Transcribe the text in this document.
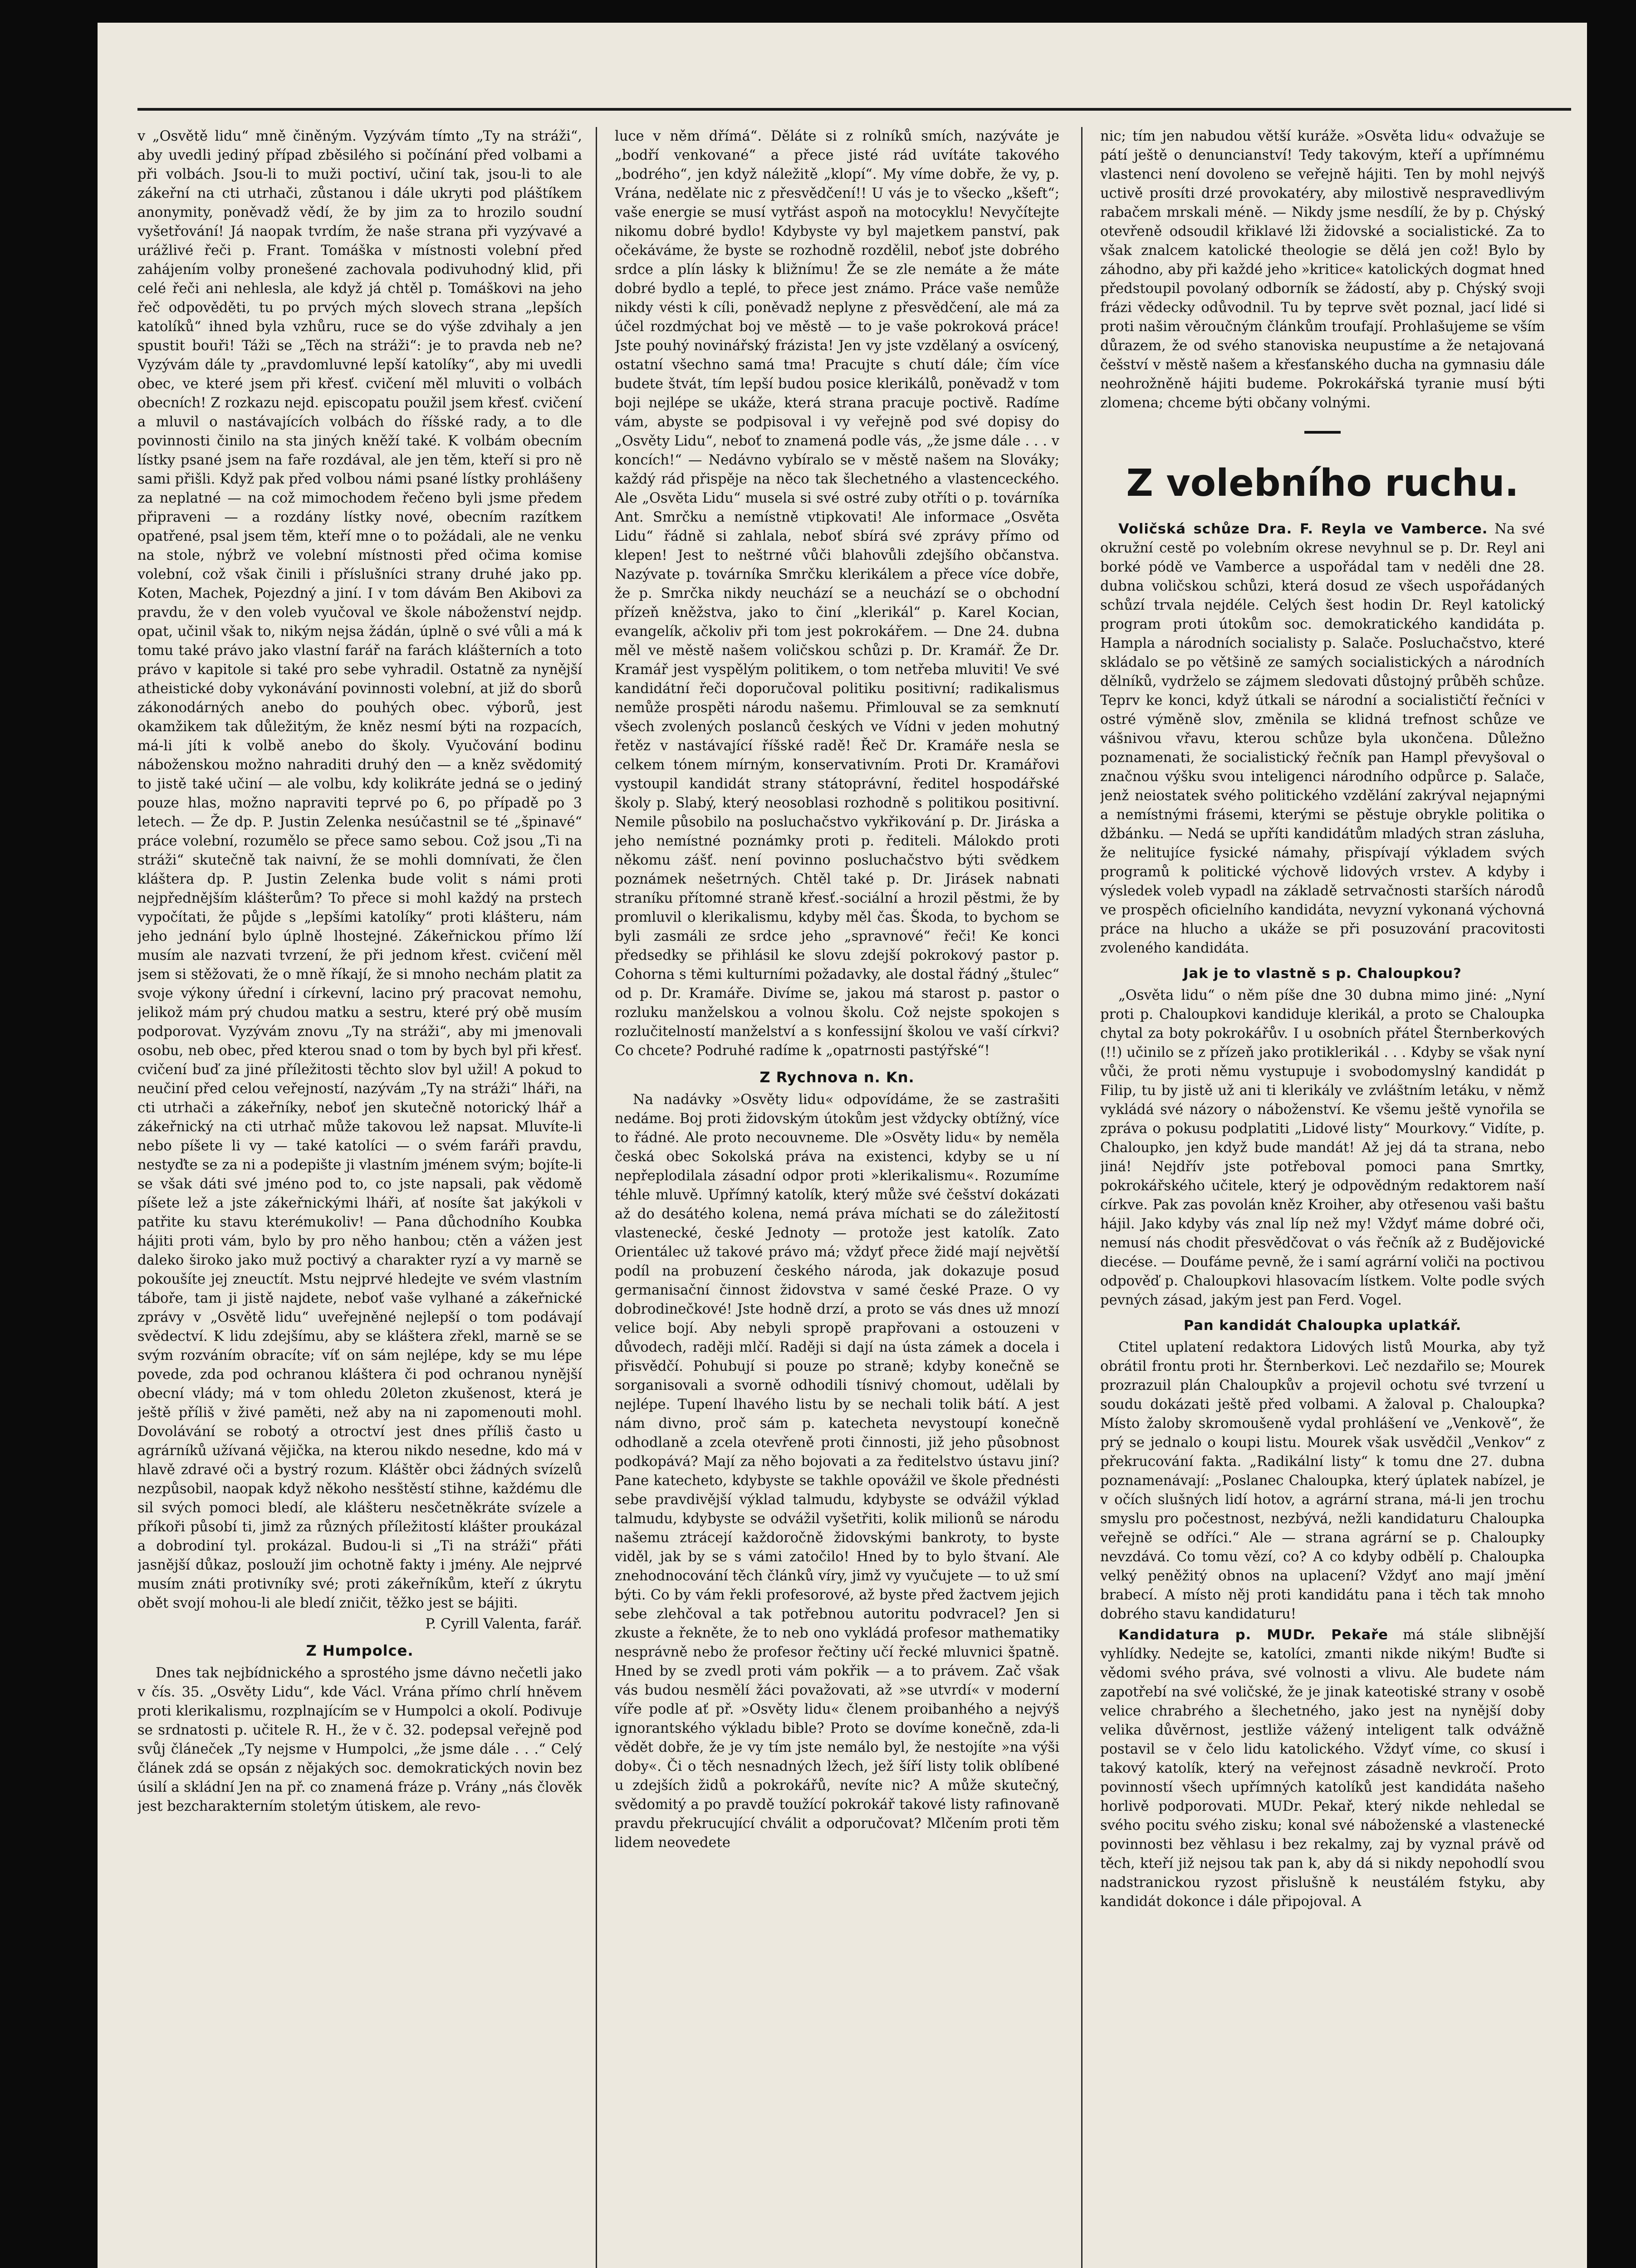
v „Osvětě lidu“ mně činěným. Vyzývám tímto „Ty na stráži“, aby uvedli jediný případ zběsilého si počínání před volbami a při volbách. Jsou-li to muži poctiví, učiní tak, jsou-li to ale zákeřní na cti utrhači, zůstanou i dále ukryti pod pláštíkem anonymity, poněvadž vědí, že by jim za to hrozilo soudní vyšetřování! Já naopak tvrdím, že naše strana při vyzývavé a urážlivé řeči p. Frant. Tomáška v místnosti volební před zahájením volby pronešené zachovala podivuhodný klid, při celé řeči ani nehlesla, ale když já chtěl p. Tomáškovi na jeho řeč odpověděti, tu po prvých mých slovech strana „lepších katolíků“ ihned byla vzhůru, ruce se do výše zdvihaly a jen spustit bouři! Táži se „Těch na stráži“: je to pravda neb ne? Vyzývám dále ty „pravdomluvné lepší katolíky“, aby mi uvedli obec, ve které jsem při křesť. cvičení měl mluviti o volbách obecních! Z rozkazu nejd. episcopatu použil jsem křesť. cvičení a mluvil o nastávajících volbách do říšské rady, a to dle povinnosti činilo na sta jiných kněží také. K volbám obecním lístky psané jsem na faře rozdával, ale jen těm, kteří si pro ně sami přišli. Když pak před volbou námi psané lístky prohlášeny za neplatné — na což mimochodem řečeno byli jsme předem připraveni — a rozdány lístky nové, obecním razítkem opatřené, psal jsem těm, kteří mne o to požádali, ale ne venku na stole, nýbrž ve volební místnosti před očima komise volební, což však činili i příslušníci strany druhé jako pp. Koten, Machek, Pojezdný a jiní. I v tom dávám Ben Akibovi za pravdu, že v den voleb vyučoval ve škole náboženství nejdp. opat, učinil však to, nikým nejsa žádán, úplně o své vůli a má k tomu také právo jako vlastní farář na farách klášterních a toto právo v kapitole si také pro sebe vyhradil. Ostatně za nynější atheistické doby vykonávání povinnosti volební, at již do sborů zákonodárných anebo do pouhých obec. výborů, jest okamžikem tak důležitým, že kněz nesmí býti na rozpacích, má-li jíti k volbě anebo do školy. Vyučování bodinu náboženskou možno nahraditi druhý den — a kněz svědomitý to jistě také učiní — ale volbu, kdy kolikráte jedná se o jediný pouze hlas, možno napraviti teprvé po 6, po případě po 3 letech. — Že dp. P. Justin Zelenka nesúčastnil se té „špinavé“ práce volební, rozumělo se přece samo sebou. Což jsou „Ti na stráži“ skutečně tak naivní, že se mohli domnívati, že člen kláštera dp. P. Justin Zelenka bude volit s námi proti nejpřednějším klášterům? To přece si mohl každý na prstech vypočítati, že půjde s „lepšími katolíky“ proti klášteru, nám jeho jednání bylo úplně lhostejné. Zákeřnickou přímo lží musím ale nazvati tvrzení, že při jednom křest. cvičení měl jsem si stěžovati, že o mně říkají, že si mnoho nechám platit za svoje výkony úřední i církevní, lacino prý pracovat nemohu, jelikož mám prý chudou matku a sestru, které prý obě musím podporovat. Vyzývám znovu „Ty na stráži“, aby mi jmenovali osobu, neb obec, před kterou snad o tom by bych byl při křesť. cvičení buď za jiné příležitosti těchto slov byl užil! A pokud to neučiní před celou veřejností, nazývám „Ty na stráži“ lháři, na cti utrhači a zákeřníky, neboť jen skutečně notorický lhář a zákeřnický na cti utrhač může takovou lež napsat. Mluvíte-li nebo píšete li vy — také katolíci — o svém faráři pravdu, nestyďte se za ni a podepište ji vlastním jménem svým; bojíte-li se však dáti své jméno pod to, co jste napsali, pak vědomě píšete lež a jste zákeřnickými lháři, ať nosíte šat jakýkoli v patřite ku stavu kterémukoliv! — Pana důchodního Koubka hájiti proti vám, bylo by pro něho hanbou; ctěn a vážen jest daleko široko jako muž poctivý a charakter ryzí a vy marně se pokoušíte jej zneuctít. Mstu nejprvé hledejte ve svém vlastním táboře, tam ji jistě najdete, neboť vaše vylhané a zákeřnické zprávy v „Osvětě lidu“ uveřejněné nejlepší o tom podávají svědectví. K lidu zdejšímu, aby se kláštera zřekl, marně se se svým rozváním obracíte; víť on sám nejlépe, kdy se mu lépe povede, zda pod ochranou kláštera či pod ochranou nynější obecní vlády; má v tom ohledu 20leton zkušenost, která je ještě příliš v živé paměti, než aby na ni zapomenouti mohl. Dovolávání se robotý a otroctví jest dnes příliš často u agrárníků užívaná vějička, na kterou nikdo nesedne, kdo má v hlavě zdravé oči a bystrý rozum. Kláštěr obci žádných svízelů nezpůsobil, naopak když někoho nesštěstí stihne, každému dle sil svých pomoci bledí, ale klášteru nesčetněkráte svízele a příkoři působí ti, jimž za různých příležitostí klášter proukázal a dobrodiní tyl. prokázal. Budou-li si „Ti na stráži“ přáti jasnější důkaz, poslouží jim ochotně fakty i jmény. Ale nejprvé musím znáti protivníky své; proti zákeřníkům, kteří z úkrytu obět svojí mohou-li ale bledí zničit, těžko jest se bájiti.

P. Cyrill Valenta, farář.

Z Humpolce.

Dnes tak nejbídnického a sprostého jsme dávno nečetli jako v čís. 35. „Osvěty Lidu“, kde Václ. Vrána přímo chrlí hněvem proti klerikalismu, rozplnajícím se v Humpolci a okolí. Podivuje se srdnatosti p. učitele R. H., že v č. 32. podepsal veřejně pod svůj článeček „Ty nejsme v Humpolci, „že jsme dále . . .“ Celý článek zdá se opsán z nějakých soc. demokratických novin bez úsilí a skládní Jen na př. co znamená fráze p. Vrány „nás člověk jest bezcharakterním stoletým útiskem, ale revo-

luce v něm dřímá“. Děláte si z rolníků smích, nazýváte je „bodří venkované“ a přece jisté rád uvítáte takového „bodrého“, jen když náležitě „klopí“. My víme dobře, že vy, p. Vrána, nedělate nic z přesvědčení!! U vás je to všecko „kšeft“; vaše energie se musí vytřást aspoň na motocyklu! Nevyčítejte nikomu dobré bydlo! Kdybyste vy byl majetkem panství, pak očekáváme, že byste se rozhodně rozdělil, neboť jste dobrého srdce a plín lásky k bližnímu! Že se zle nemáte a že máte dobré bydlo a teplé, to přece jest známo. Práce vaše nemůže nikdy vésti k cíli, poněvadž neplyne z přesvědčení, ale má za účel rozdmýchat boj ve městě — to je vaše pokroková práce! Jste pouhý novinářský frázista! Jen vy jste vzdělaný a osvícený, ostatní všechno samá tma! Pracujte s chutí dále; čím více budete štvát, tím lepší budou posice klerikálů, poněvadž v tom boji nejlépe se ukáže, která strana pracuje poctivě. Radíme vám, abyste se podpisoval i vy veřejně pod své dopisy do „Osvěty Lidu“, neboť to znamená podle vás, „že jsme dále . . . v koncích!“ — Nedávno vybíralo se v městě našem na Slováky; každý rád přispěje na něco tak šlechetného a vlastenceckého. Ale „Osvěta Lidu“ musela si své ostré zuby otříti o p. továrníka Ant. Smrčku a nemístně vtipkovati! Ale informace „Osvěta Lidu“ řádně si zahlala, neboť sbírá své zprávy přímo od klepen! Jest to neštrné vůči blahovůli zdejšího občanstva. Nazývate p. továrníka Smrčku klerikálem a přece více dobře, že p. Smrčka nikdy neuchází se a neuchází se o obchodní přízeň kněžstva, jako to činí „klerikál“ p. Karel Kocian, evangelík, ačkoliv při tom jest pokrokářem. — Dne 24. dubna měl ve městě našem voličskou schůzi p. Dr. Kramář. Že Dr. Kramář jest vyspělým politikem, o tom netřeba mluviti! Ve své kandidátní řeči doporučoval politiku positivní; radikalismus nemůže prospěti národu našemu. Přimlouval se za semknutí všech zvolených poslanců českých ve Vídni v jeden mohutný řetěz v nastávající říšské radě! Řeč Dr. Kramáře nesla se celkem tónem mírným, konservativním. Proti Dr. Kramářovi vystoupil kandidát strany státoprávní, ředitel hospodářské školy p. Slabý, který neosoblasi rozhodně s politikou positivní. Nemile působilo na posluchačstvo vykřikování p. Dr. Jiráska a jeho nemístné poznámky proti p. řediteli. Málokdo proti někomu zášť. není povinno posluchačstvo býti svědkem poznámek nešetrných. Chtěl také p. Dr. Jirásek nabnati straníku přítomné straně křesť.-sociální a hrozil pěstmi, že by promluvil o klerikalismu, kdyby měl čas. Škoda, to bychom se byli zasmáli ze srdce jeho „spravnové“ řeči! Ke konci předsedky se přihlásil ke slovu zdejší pokrokový pastor p. Cohorna s těmi kulturními požadavky, ale dostal řádný „štulec“ od p. Dr. Kramáře. Divíme se, jakou má starost p. pastor o rozluku manželskou a volnou školu. Což nejste spokojen s rozlučitelností manželství a s konfessijní školou ve vaší církvi? Co chcete? Podruhé radíme k „opatrnosti pastýřské“!

Z Rychnova n. Kn.

Na nadávky »Osvěty lidu« odpovídáme, že se zastrašiti nedáme. Boj proti židovským útokům jest vždycky obtížný, více to řádné. Ale proto necouvneme. Dle »Osvěty lidu« by neměla česká obec Sokolská práva na existenci, kdyby se u ní nepřeplodilala zásadní odpor proti »klerikalismu«. Rozumíme téhle mluvě. Upřímný katolík, který může své češství dokázati až do desátého kolena, nemá práva míchati se do záležitostí vlastenecké, české Jednoty — protože jest katolík. Zato Orientálec už takové právo má; vždyť přece židé mají největší podíl na probuzení českého národa, jak dokazuje posud germanisační činnost židovstva v samé české Praze. O vy dobrodinečkové! Jste hodně drzí, a proto se vás dnes už mnozí velice bojí. Aby nebyli spropě prapřovani a ostouzeni v důvodech, raději mlčí. Raději si dají na ústa zámek a docela i přisvědčí. Pohubují si pouze po straně; kdyby konečně se sorganisovali a svorně odhodili tísnivý chomout, udělali by nejlépe. Tupení lhavého listu by se nechali tolik bátí. A jest nám divno, proč sám p. katecheta nevystoupí konečně odhodlaně a zcela otevřeně proti činnosti, již jeho působnost podkopává? Mají za něho bojovati a za ředitelstvo ústavu jiní? Pane katecheto, kdybyste se takhle opovážil ve škole přednésti sebe pravdivější výklad talmudu, kdybyste se odvážil výklad talmudu, kdybyste se odvážil vyšetřiti, kolik milionů se národu našemu ztrácejí každoročně židovskými bankroty, to byste viděl, jak by se s vámi zatočilo! Hned by to bylo štvaní. Ale znehodnocování těch článků víry, jimž vy vyučujete — to už smí býti. Co by vám řekli profesorové, až byste před žactvem jejich sebe zlehčoval a tak potřebnou autoritu podvracel? Jen si zkuste a řekněte, že to neb ono vykládá profesor mathematiky nesprávně nebo že profesor řečtiny učí řecké mluvnici špatně. Hned by se zvedl proti vám pokřik — a to právem. Zač však vás budou nesmělí žáci považovati, až »se utvrdí« v moderní víře podle ať př. »Osvěty lidu« členem proibanhého a nejvýš ignorantského výkladu bible? Proto se dovíme konečně, zda-li vědět dobře, že je vy tím jste nemálo byl, že nestojíte »na výši doby«. Či o těch nesnadných lžech, jež šíří listy tolik oblíbené u zdejších židů a pokrokářů, nevíte nic? A může skutečný, svědomitý a po pravdě toužící pokrokář takové listy rafinovaně pravdu překrucující chválit a odporučovat? Mlčením proti těm lidem neovedete

nic; tím jen nabudou větší kuráže. »Osvěta lidu« odvažuje se pátí ještě o denuncianství! Tedy takovým, kteří a upřímnému vlastenci není dovoleno se veřejně hájiti. Ten by mohl nejvýš uctivě prosíti drzé provokatéry, aby milostivě nespravedlivým rabačem mrskali méně. — Nikdy jsme nesdílí, že by p. Chýský otevřeně odsoudil křiklavé lži židovské a socialistické. Za to však znalcem katolické theologie se dělá jen což! Bylo by záhodno, aby při každé jeho »kritice« katolických dogmat hned předstoupil povolaný odborník se žádostí, aby p. Chýský svoji frázi vědecky odůvodnil. Tu by teprve svět poznal, jací lidé si proti našim věroučným článkům troufají. Prohlašujeme se vším důrazem, že od svého stanoviska neupustíme a že netajovaná češství v městě našem a křesťanského ducha na gymnasiu dále neohrožněně hájiti budeme. Pokrokářská tyranie musí býti zlomena; chceme býti občany volnými.

Z volebního ruchu.

Voličská schůze Dra. F. Reyla ve Vamberce. Na své okružní cestě po volebním okrese nevyhnul se p. Dr. Reyl ani borké pódě ve Vamberce a uspořádal tam v neděli dne 28. dubna voličskou schůzi, která dosud ze všech uspořádaných schůzí trvala nejdéle. Celých šest hodin Dr. Reyl katolický program proti útokům soc. demokratického kandidáta p. Hampla a národních socialisty p. Salače. Posluchačstvo, které skládalo se po většině ze samých socialistických a národních dělníků, vydrželo se zájmem sledovati důstojný průběh schůze. Teprv ke konci, když útkali se národní a socialističtí řečníci v ostré výměně slov, změnila se klidná trefnost schůze ve vášnivou vřavu, kterou schůze byla ukončena. Důležno poznamenati, že socialistický řečník pan Hampl převyšoval o značnou výšku svou inteligenci národního odpůrce p. Salače, jenž neiostatek svého politického vzdělání zakrýval nejapnými a nemístnými frásemi, kterými se pěstuje obrykle politika o džbánku. — Nedá se upříti kandidátům mladých stran zásluha, že nelitujíce fysické námahy, přispívají výkladem svých programů k politické výchově lidových vrstev. A kdyby i výsledek voleb vypadl na základě setrvačnosti starších národů ve prospěch oficielního kandidáta, nevyzní vykonaná výchovná práce na hlucho a ukáže se při posuzování pracovitosti zvoleného kandidáta.

Jak je to vlastně s p. Chaloupkou?

„Osvěta lidu“ o něm píše dne 30 dubna mimo jiné: „Nyní proti p. Chaloupkovi kandiduje klerikál, a proto se Chaloupka chytal za boty pokrokářův. I u osobních přátel Šternberkových (!!) učinilo se z přízeň jako protiklerikál . . . Kdyby se však nyní vůči, že proti němu vystupuje i svobodomyslný kandidát p Filip, tu by jistě už ani ti klerikály ve zvláštním letáku, v němž vykládá své názory o náboženství. Ke všemu ještě vynořila se zpráva o pokusu podplatiti „Lidové listy“ Mourkovy.“ Vidíte, p. Chaloupko, jen když bude mandát! Až jej dá ta strana, nebo jiná! Nejdřív jste potřeboval pomoci pana Smrtky, pokrokářského učitele, který je odpovědným redaktorem naší církve. Pak zas povolán kněz Kroiher, aby otřesenou vaši baštu hájil. Jako kdyby vás znal líp než my! Vždyť máme dobré oči, nemusí nás chodit přesvědčovat o vás řečník až z Budějovické diecése. — Doufáme pevně, že i samí agrární voliči na poctivou odpověď p. Chaloupkovi hlasovacím lístkem. Volte podle svých pevných zásad, jakým jest pan Ferd. Vogel.

Pan kandidát Chaloupka uplatkář.

Ctitel uplatení redaktora Lidových listů Mourka, aby tyž obrátil frontu proti hr. Šternberkovi. Leč nezdařilo se; Mourek prozrazuil plán Chaloupkův a projevil ochotu své tvrzení u soudu dokázati ještě před volbami. A žaloval p. Chaloupka? Místo žaloby skromoušeně vydal prohlášení ve „Venkově“, že prý se jednalo o koupi listu. Mourek však usvědčil „Venkov“ z překrucování fakta. „Radikální listy“ k tomu dne 27. dubna poznamenávají: „Poslanec Chaloupka, který úplatek nabízel, je v očích slušných lidí hotov, a agrární strana, má-li jen trochu smyslu pro počestnost, nezbývá, nežli kandidaturu Chaloupka veřejně se odříci.“ Ale — strana agrární se p. Chaloupky nevzdává. Co tomu vězí, co? A co kdyby odbělí p. Chaloupka velký peněžitý obnos na uplacení? Vždyť ano mají jmění brabecí. A místo něj proti kandidátu pana i těch tak mnoho dobrého stavu kandidaturu!

Kandidatura p. MUDr. Pekaře má stále slibnější vyhlídky. Nedejte se, katolíci, zmanti nikde nikým! Buďte si vědomi svého práva, své volnosti a vlivu. Ale budete nám zapotřebí na své voličské, že je jinak kateotiské strany v osobě velice chrabrého a šlechetného, jako jest na nynější doby velika důvěrnost, jestliže vážený inteligent talk odvážně postavil se v čelo lidu katolického. Vždyť víme, co skusí i takový katolík, který na veřejnost zásadně nevkročí. Proto povinností všech upřímných katolíků jest kandidáta našeho horlivě podporovati. MUDr. Pekař, který nikde nehledal se svého pocitu svého zisku; konal své náboženské a vlastenecké povinnosti bez věhlasu i bez rekalmy, zaj by vyznal právě od těch, kteří již nejsou tak pan k, aby dá si nikdy nepohodlí svou nadstranickou ryzost přislušně k neustálém fstyku, aby kandidát dokonce i dále připojoval. A
